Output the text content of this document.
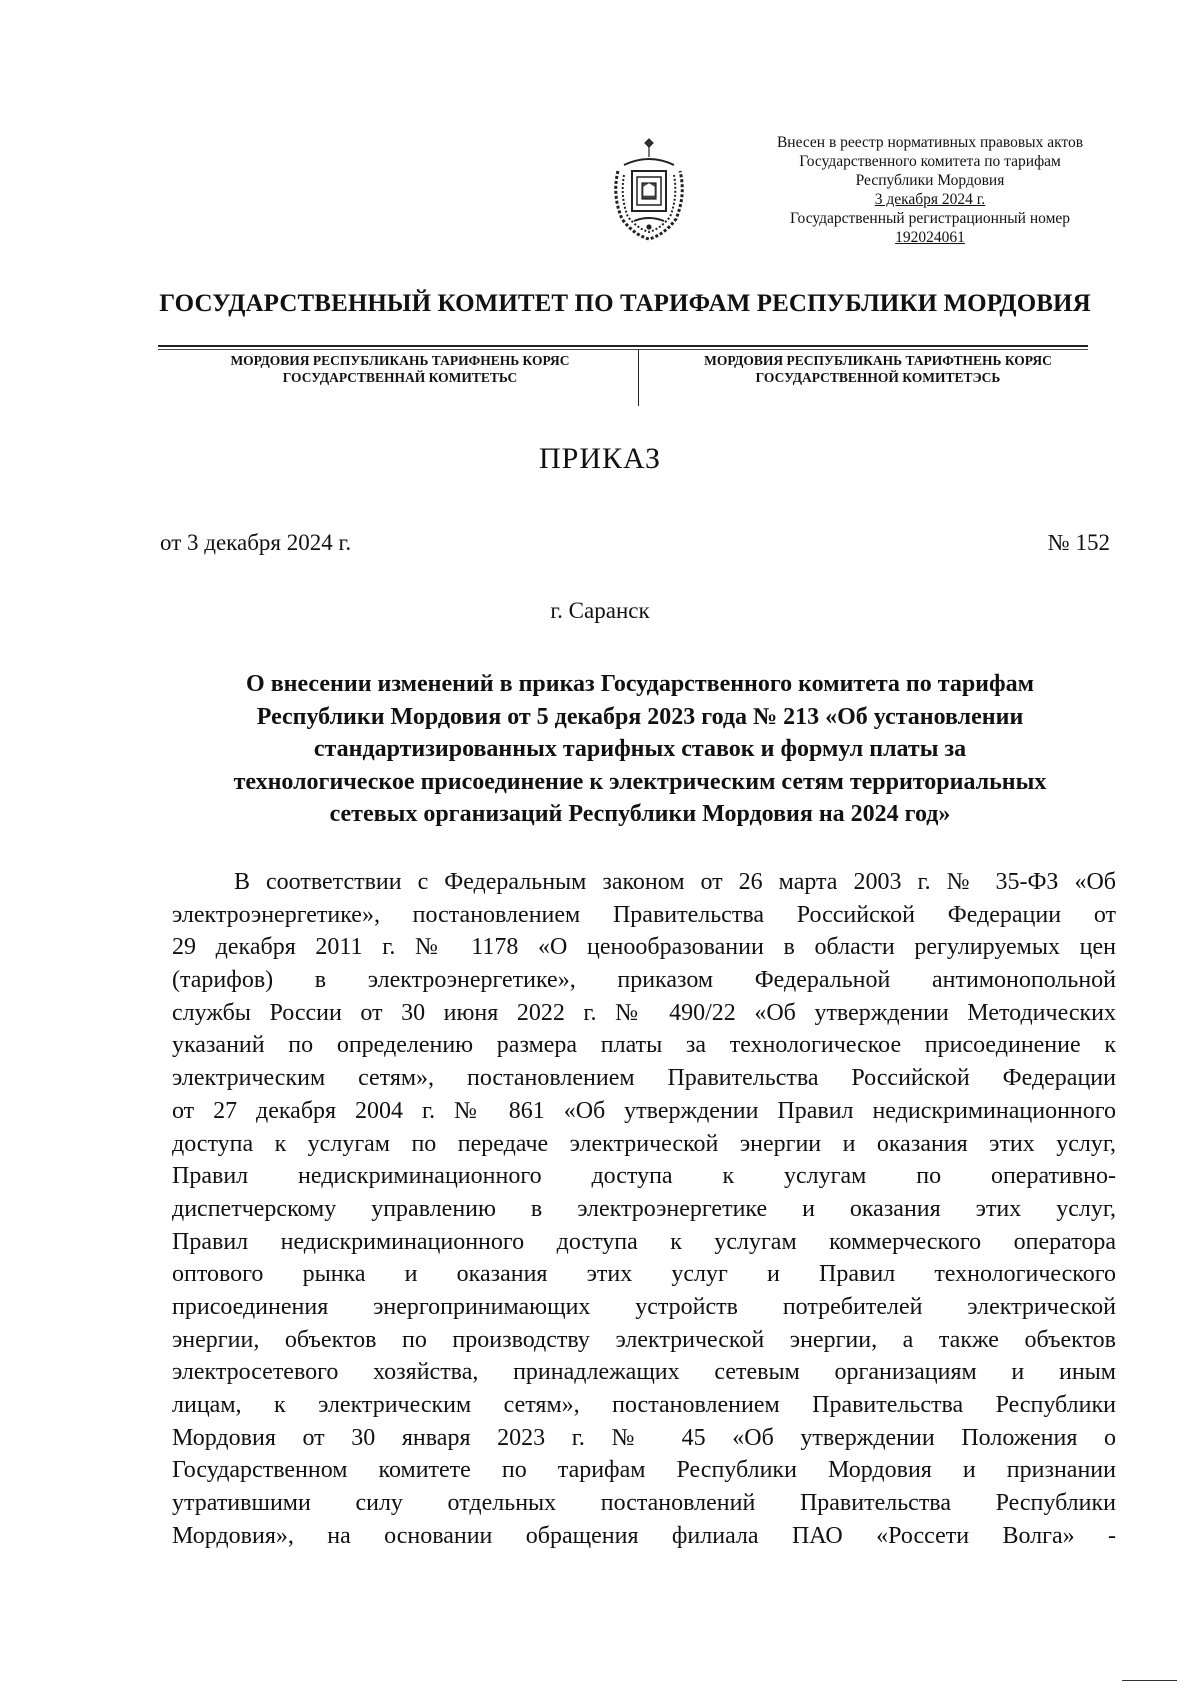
Внесен в реестр нормативных правовых актов
Государственного комитета по тарифам
Республики Мордовия
3 декабря 2024 г.
Государственный регистрационный номер
192024061
ГОСУДАРСТВЕННЫЙ КОМИТЕТ ПО ТАРИФАМ РЕСПУБЛИКИ МОРДОВИЯ
МОРДОВИЯ РЕСПУБЛИКАНЬ ТАРИФНЕНЬ КОРЯС
ГОСУДАРСТВЕННАЙ КОМИТЕТЬС
МОРДОВИЯ РЕСПУБЛИКАНЬ ТАРИФТНЕНЬ КОРЯС
ГОСУДАРСТВЕННОЙ КОМИТЕТЭСЬ
ПРИКАЗ
от 3 декабря 2024 г.	№ 152
г. Саранск
О внесении изменений в приказ Государственного комитета по тарифам
Республики Мордовия от 5 декабря 2023 года № 213 «Об установлении
стандартизированных тарифных ставок и формул платы за
технологическое присоединение к электрическим сетям территориальных
сетевых организаций Республики Мордовия на 2024 год»
В соответствии с Федеральным законом от 26 марта 2003 г. № 35-ФЗ «Об
электроэнергетике», постановлением Правительства Российской Федерации от
29 декабря 2011 г. № 1178 «О ценообразовании в области регулируемых цен
(тарифов) в электроэнергетике», приказом Федеральной антимонопольной
службы России от 30 июня 2022 г. № 490/22 «Об утверждении Методических
указаний по определению размера платы за технологическое присоединение к
электрическим сетям», постановлением Правительства Российской Федерации
от 27 декабря 2004 г. № 861 «Об утверждении Правил недискриминационного
доступа к услугам по передаче электрической энергии и оказания этих услуг,
Правил недискриминационного доступа к услугам по оперативно-
диспетчерскому управлению в электроэнергетике и оказания этих услуг,
Правил недискриминационного доступа к услугам коммерческого оператора
оптового рынка и оказания этих услуг и Правил технологического
присоединения энергопринимающих устройств потребителей электрической
энергии, объектов по производству электрической энергии, а также объектов
электросетевого хозяйства, принадлежащих сетевым организациям и иным
лицам, к электрическим сетям», постановлением Правительства Республики
Мордовия от 30 января 2023 г. № 45 «Об утверждении Положения о
Государственном комитете по тарифам Республики Мордовия и признании
утратившими силу отдельных постановлений Правительства Республики
Мордовия», на основании обращения филиала ПАО «Россети Волга» -
